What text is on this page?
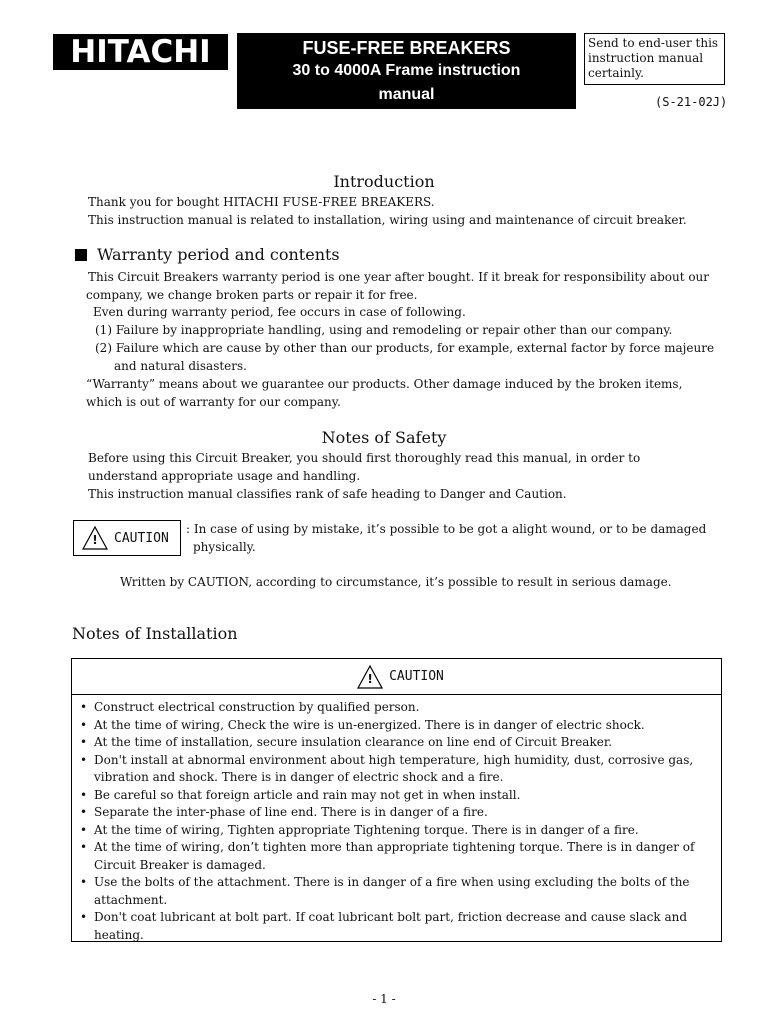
HITACHI	FUSE-FREE BREAKERS
30 to 4000A Frame instruction
manual
Send to end-user this
instruction manual
certainly.
(S-21-02J)
Introduction
Thank you for bought HITACHI FUSE-FREE BREAKERS.
This instruction manual is related to installation, wiring using and maintenance of circuit breaker.
Warranty period and contents
This Circuit Breakers warranty period is one year after bought. If it break for responsibility about our
company, we change broken parts or repair it for free.
Even during warranty period, fee occurs in case of following.
(1) Failure by inappropriate handling, using and remodeling or repair other than our company.
(2) Failure which are cause by other than our products, for example, external factor by force majeure
and natural disasters.
“Warranty” means about we guarantee our products. Other damage induced by the broken items,
which is out of warranty for our company.
Notes of Safety
Before using this Circuit Breaker, you should first thoroughly read this manual, in order to
understand appropriate usage and handling.
This instruction manual classifies rank of safe heading to Danger and Caution.
!	CAUTION
: In case of using by mistake, it’s possible to be got a alight wound, or to be damaged
physically.
Written by CAUTION, according to circumstance, it’s possible to result in serious damage.
Notes of Installation
!	CAUTION
• Construct electrical construction by qualified person.
• At the time of wiring, Check the wire is un-energized. There is in danger of electric shock.
• At the time of installation, secure insulation clearance on line end of Circuit Breaker.
• Don't install at abnormal environment about high temperature, high humidity, dust, corrosive gas,
vibration and shock. There is in danger of electric shock and a fire.
• Be careful so that foreign article and rain may not get in when install.
• Separate the inter-phase of line end. There is in danger of a fire.
• At the time of wiring, Tighten appropriate Tightening torque. There is in danger of a fire.
• At the time of wiring, don’t tighten more than appropriate tightening torque. There is in danger of
Circuit Breaker is damaged.
• Use the bolts of the attachment. There is in danger of a fire when using excluding the bolts of the
attachment.
• Don't coat lubricant at bolt part. If coat lubricant bolt part, friction decrease and cause slack and
heating.
- 1 -
